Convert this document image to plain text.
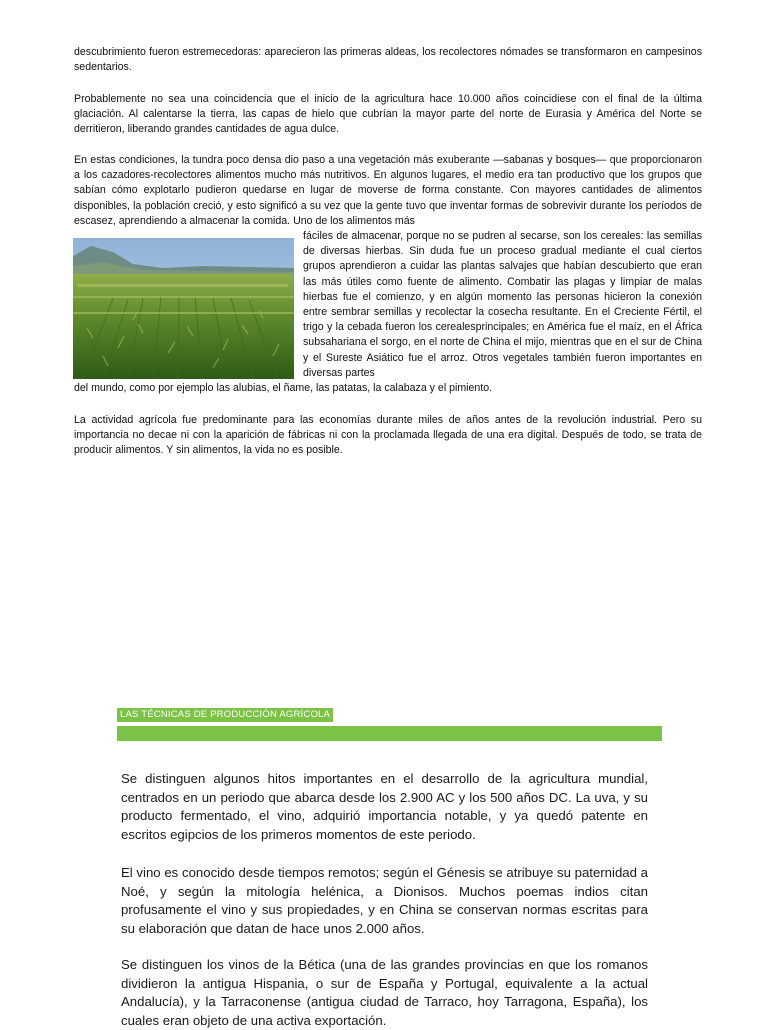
descubrimiento fueron estremecedoras: aparecieron las primeras aldeas, los recolectores nómades se transformaron en campesinos sedentarios.

Probablemente no sea una coincidencia que el inicio de la agricultura hace 10.000 años coincidiese con el final de la última glaciación. Al calentarse la tierra, las capas de hielo que cubrían la mayor parte del norte de Eurasia y América del Norte se derritieron, liberando grandes cantidades de agua dulce.

En estas condiciones, la tundra poco densa dio paso a una vegetación más exuberante —sabanas y bosques— que proporcionaron a los cazadores-recolectores alimentos mucho más nutritivos. En algunos lugares, el medio era tan productivo que los grupos que sabían cómo explotarlo pudieron quedarse en lugar de moverse de forma constante. Con mayores cantidades de alimentos disponibles, la población creció, y esto significó a su vez que la gente tuvo que inventar formas de sobrevivir durante los períodos de escasez, aprendiendo a almacenar la comida. Uno de los alimentos más

fáciles de almacenar, porque no se pudren al secarse, son los cereales: las semillas de diversas hierbas. Sin duda fue un proceso gradual mediante el cual ciertos grupos aprendieron a cuidar las plantas salvajes que habían descubierto que eran las más útiles como fuente de alimento. Combatir las plagas y limpiar de malas hierbas fue el comienzo, y en algún momento las personas hicieron la conexión entre sembrar semillas y recolectar la cosecha resultante. En el Creciente Fértil, el trigo y la cebada fueron los cerealesprincipales; en América fue el maíz, en el África subsahariana el sorgo, en el norte de China el mijo, mientras que en el sur de China y el Sureste Asiático fue el arroz. Otros vegetales también fueron importantes en diversas partes

del mundo, como por ejemplo las alubias, el ñame, las patatas, la calabaza y el pimiento.

La actividad agrícola fue predominante para las economías durante miles de años antes de la revolución industrial. Pero su importancia no decae ni con la aparición de fábricas ni con la proclamada llegada de una era digital. Después de todo, se trata de producir alimentos. Y sin alimentos, la vida no es posible.

LAS TÉCNICAS DE PRODUCCIÓN AGRÍCOLA

Se distinguen algunos hitos importantes en el desarrollo de la agricultura mundial, centrados en un periodo que abarca desde los 2.900 AC y los 500 años DC. La uva, y su producto fermentado, el vino, adquirió importancia notable, y ya quedó patente en escritos egipcios de los primeros momentos de este periodo.

El vino es conocido desde tiempos remotos; según el Génesis se atribuye su paternidad a Noé, y según la mitología helénica, a Dionisos. Muchos poemas indios citan profusamente el vino y sus propiedades, y en China se conservan normas escritas para su elaboración que datan de hace unos 2.000 años.

Se distinguen los vinos de la Bética (una de las grandes provincias en que los romanos dividieron la antigua Hispania, o sur de España y Portugal, equivalente a la actual Andalucía), y la Tarraconense (antigua ciudad de Tarraco, hoy Tarragona, España), los cuales eran objeto de una activa exportación.
